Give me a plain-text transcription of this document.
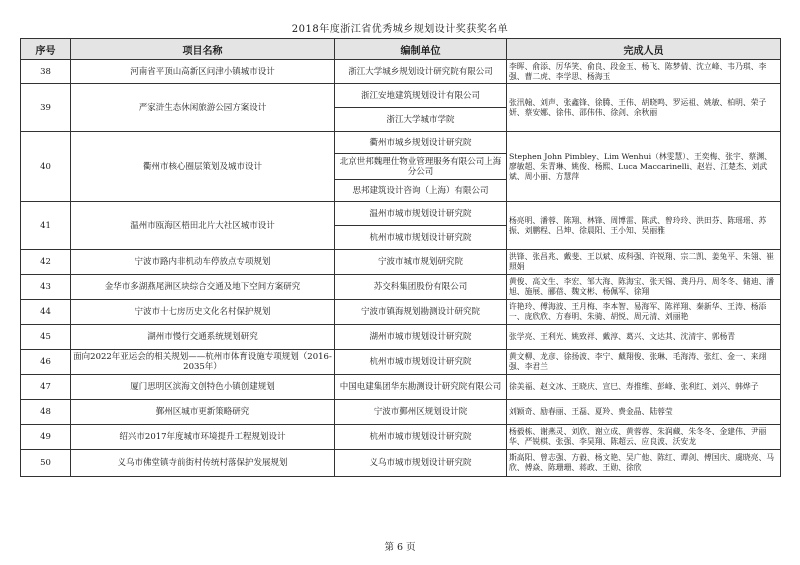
2018年度浙江省优秀城乡规划设计奖获奖名单
序号	项目名称	编制单位	完成人员
38	河南省平顶山高新区问津小镇城市设计	浙江大学城乡规划设计研究院有限公司	李晖、俞添、厉华笑、俞良、段金玉、杨飞、陈梦倩、沈立峰、韦乃琪、李强、曹二虎、李学思、杨海玉
39	严家浒生态休闲旅游公园方案设计	浙江安地建筑规划设计有限公司	张汛翰、刘声、张鑫锋、徐腾、王伟、胡晓鸣、罗运祖、姚敏、柏明、荣子妍、蔡安娜、徐伟、邵伟伟、徐剑、余秋丽
		浙江大学城市学院	
40	衢州市核心圈层策划及城市设计	衢州市城乡规划设计研究院	Stephen John Pimbley、Lim Wenhui（林雯慧）、王奕梅、张宇、蔡渊、廖敏超、朱青琳、姚俊、杨熙、Luca Maccarinelli、赵岩、江楚杰、刘武斌、周小丽、方慧萍
		北京世邦魏理仕物业管理服务有限公司上海分公司	
		思邦建筑设计咨询（上海）有限公司	
41	温州市瓯海区梧田北片大社区城市设计	温州市城市规划设计研究院	杨亮明、潘蓉、陈翔、林锋、周博雷、陈武、曾玲玲、洪田芬、陈瑶瑶、苏振、刘鹏程、吕坤、徐晨阳、王小知、吴丽雅
		杭州市城市规划设计研究院	
42	宁波市路内非机动车停放点专项规划	宁波市城市规划研究院	洪锋、张昌兆、戴斐、王以斌、成科强、许锐翔、宗二凯、姜兔平、朱翎、崔照娟
43	金华市多湖燕尾洲区块综合交通及地下空间方案研究	苏交科集团股份有限公司	黄俊、高文生、李宏、邹大海、陈海宝、张天锡、龚丹丹、周冬冬、储迪、潘旭、施展、郦蓓、魏文彬、杨佩军、徐翔
44	宁波市十七房历史文化名村保护规划	宁波市镇海规划勘测设计研究院	许艳玲、傅海波、王月梅、李本智、易海军、陈祥翔、秦新华、王涛、杨添一、庞欣欣、方春明、朱骑、胡悦、周元清、刘丽艳
45	湖州市慢行交通系统规划研究	湖州市城市规划设计研究院	张学亮、王利光、姚致祥、戴淳、葛兴、文达其、沈清宇、郭杨青
46	面向2022年亚运会的相关规划——杭州市体育设施专项规划（2016-2035年）	杭州市城市规划设计研究院	黄文柳、龙彦、徐扬波、李宁、戴翔俊、张琳、毛海涛、张红、金一、来翊强、李君兰
47	厦门思明区滨海文创特色小镇创建规划	中国电建集团华东勘测设计研究院有限公司	徐美福、赵文冰、王晓庆、宣巳、寿推维、彭峰、张利红、刘兴、韩烨子
48	鄞州区城市更新策略研究	宁波市鄞州区规划设计院	刘颖奇、励春丽、王磊、夏羚、费金晶、陆蓉莹
49	绍兴市2017年度城市环境提升工程规划设计	杭州市城市规划设计研究院	杨毅栋、谢燕灵、刘欣、谢立成、黄蓉蓉、朱润藏、朱冬冬、金建伟、尹丽华、严锐棋、张强、李昊翔、陈超云、应良波、沃安龙
50	义乌市佛堂镇寺前街村传统村落保护发展规划	义乌市城市规划设计研究院	斯高阳、曾志强、方毅、杨文艳、吴广他、陈红、谭剑、傅国庆、虞晓亮、马欣、傅焱、陈珊珊、蒋政、王勋、徐欣
第 6 页
